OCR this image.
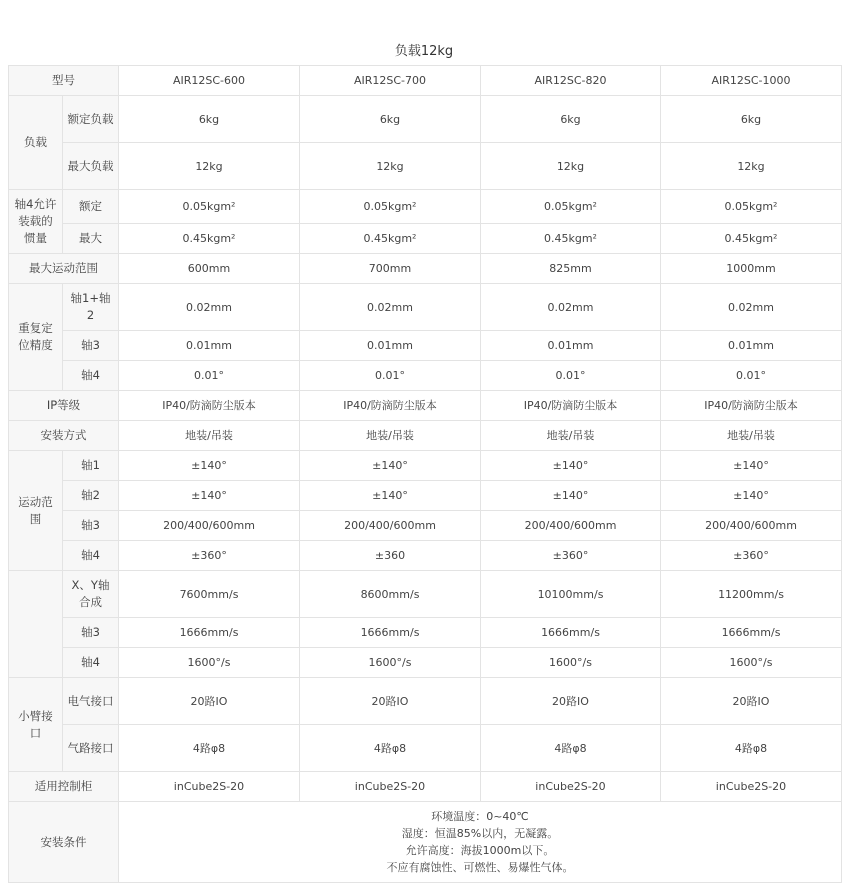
负载12kg
型号		AIR12SC-600	AIR12SC-700	AIR12SC-820	AIR12SC-1000
负载	额定负载	6kg	6kg	6kg	6kg
	最大负载	12kg	12kg	12kg	12kg
轴4允许装载的惯量	额定	0.05kgm²	0.05kgm²	0.05kgm²	0.05kgm²
	最大	0.45kgm²	0.45kgm²	0.45kgm²	0.45kgm²
最大运动范围		600mm	700mm	825mm	1000mm
重复定位精度	轴1+轴2	0.02mm	0.02mm	0.02mm	0.02mm
	轴3	0.01mm	0.01mm	0.01mm	0.01mm
	轴4	0.01°	0.01°	0.01°	0.01°
IP等级		IP40/防滴防尘版本	IP40/防滴防尘版本	IP40/防滴防尘版本	IP40/防滴防尘版本
安装方式		地装/吊装	地装/吊装	地装/吊装	地装/吊装
运动范围	轴1	±140°	±140°	±140°	±140°
	轴2	±140°	±140°	±140°	±140°
	轴3	200/400/600mm	200/400/600mm	200/400/600mm	200/400/600mm
	轴4	±360°	±360	±360°	±360°
	X、Y轴合成	7600mm/s	8600mm/s	10100mm/s	11200mm/s
	轴3	1666mm/s	1666mm/s	1666mm/s	1666mm/s
	轴4	1600°/s	1600°/s	1600°/s	1600°/s
小臂接口	电气接口	20路IO	20路IO	20路IO	20路IO
	气路接口	4路φ8	4路φ8	4路φ8	4路φ8
适用控制柜		inCube2S-20	inCube2S-20	inCube2S-20	inCube2S-20
安装条件		环境温度：0~40℃
湿度：恒温85%以内，无凝露。
允许高度：海拔1000m以下。
不应有腐蚀性、可燃性、易爆性气体。			
